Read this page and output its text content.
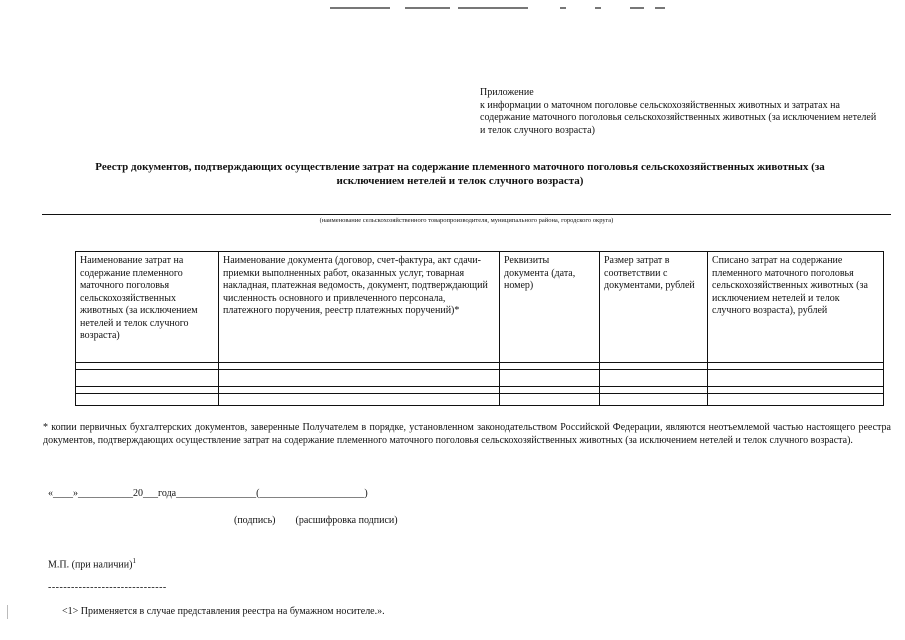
Приложение
к информации о маточном поголовье сельскохозяйственных животных и затратах на содержание маточного поголовья сельскохозяйственных животных (за исключением нетелей и телок случного возраста)
Реестр документов, подтверждающих осуществление затрат на содержание племенного маточного поголовья сельскохозяйственных животных (за исключением нетелей и телок случного возраста)
(наименование сельскохозяйственного товаропроизводителя, муниципального района, городского округа)
Наименование затрат на содержание племенного маточного поголовья сельскохозяйственных животных (за исключением нетелей и телок случного возраста)	Наименование документа (договор, счет-фактура, акт сдачи-приемки выполненных работ, оказанных услуг, товарная накладная, платежная ведомость, документ, подтверждающий численность основного и привлеченного персонала, платежного поручения, реестр платежных поручений)*	Реквизиты документа (дата, номер)	Размер затрат в соответствии с документами, рублей	Списано затрат на содержание племенного маточного поголовья сельскохозяйственных животных (за исключением нетелей и телок случного возраста), рублей

* копии первичных бухгалтерских документов, заверенные Получателем в порядке, установленном законодательством Российской Федерации, являются неотъемлемой частью настоящего реестра документов, подтверждающих осуществление затрат на содержание племенного маточного поголовья сельскохозяйственных животных (за исключением нетелей и телок случного возраста).
«____»___________20___года________________(_____________________)
(подпись)        (расшифровка подписи)
М.П. (при наличии)$^1$
-------------------------------
<1> Применяется в случае представления реестра на бумажном носителе.».
